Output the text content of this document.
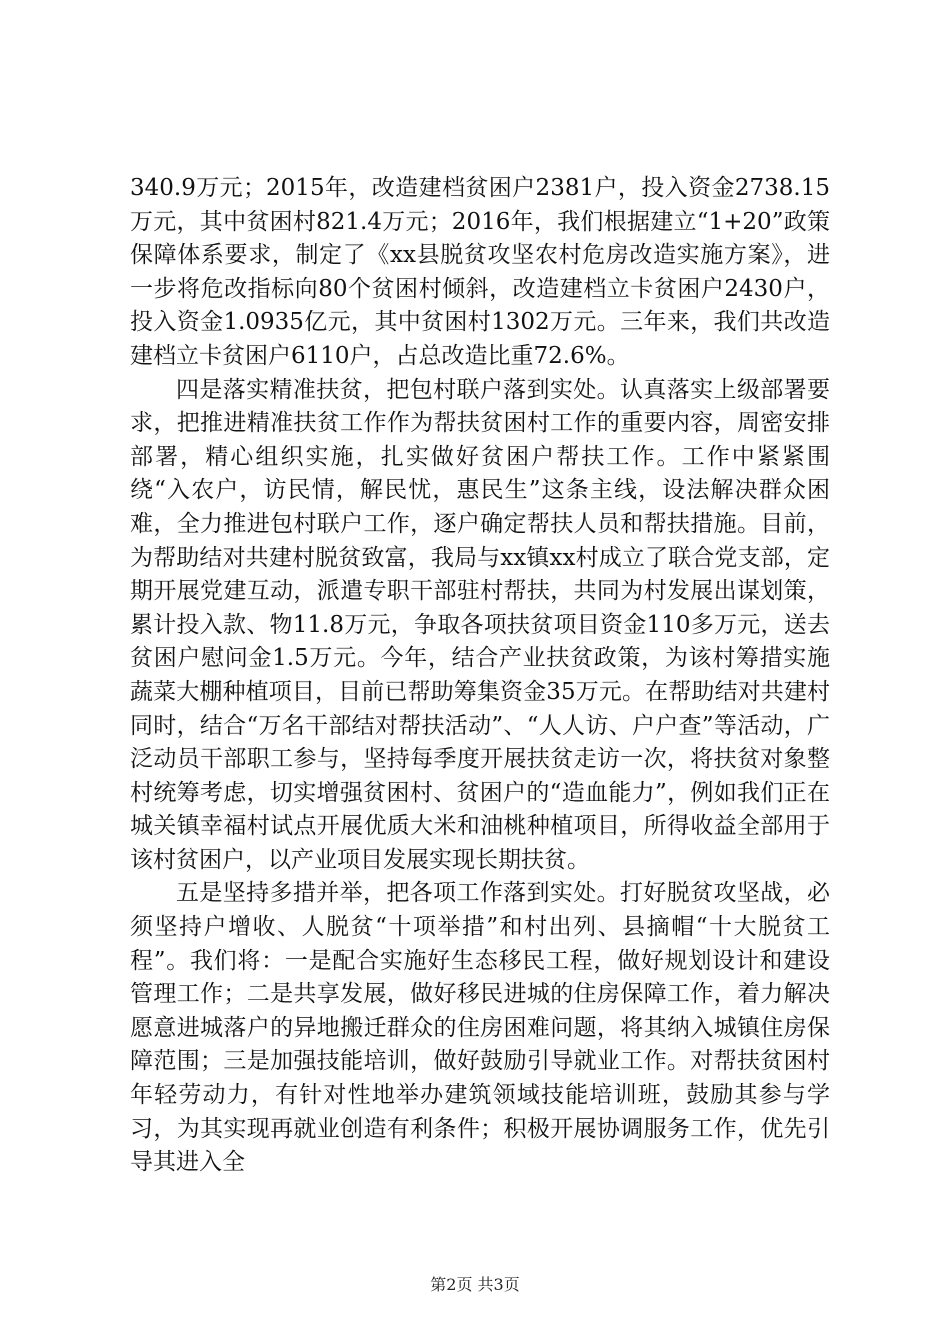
340.9万元；2015年，改造建档贫困户2381户，投入资金2738.15万元，其中贫困村821.4万元；2016年，我们根据建立“1+20”政策保障体系要求，制定了《xx县脱贫攻坚农村危房改造实施方案》，进一步将危改指标向80个贫困村倾斜，改造建档立卡贫困户2430户，投入资金1.0935亿元，其中贫困村1302万元。三年来，我们共改造建档立卡贫困户6110户，占总改造比重72.6%。

四是落实精准扶贫，把包村联户落到实处。认真落实上级部署要求，把推进精准扶贫工作作为帮扶贫困村工作的重要内容，周密安排部署，精心组织实施，扎实做好贫困户帮扶工作。工作中紧紧围绕“入农户，访民情，解民忧，惠民生”这条主线，设法解决群众困难，全力推进包村联户工作，逐户确定帮扶人员和帮扶措施。目前，为帮助结对共建村脱贫致富，我局与xx镇xx村成立了联合党支部，定期开展党建互动，派遣专职干部驻村帮扶，共同为村发展出谋划策，累计投入款、物11.8万元，争取各项扶贫项目资金110多万元，送去贫困户慰问金1.5万元。今年，结合产业扶贫政策，为该村筹措实施蔬菜大棚种植项目，目前已帮助筹集资金35万元。在帮助结对共建村同时，结合“万名干部结对帮扶活动”、“人人访、户户查”等活动，广泛动员干部职工参与，坚持每季度开展扶贫走访一次，将扶贫对象整村统筹考虑，切实增强贫困村、贫困户的“造血能力”，例如我们正在城关镇幸福村试点开展优质大米和油桃种植项目，所得收益全部用于该村贫困户，以产业项目发展实现长期扶贫。

五是坚持多措并举，把各项工作落到实处。打好脱贫攻坚战，必须坚持户增收、人脱贫“十项举措”和村出列、县摘帽“十大脱贫工程”。我们将：一是配合实施好生态移民工程，做好规划设计和建设管理工作；二是共享发展，做好移民进城的住房保障工作，着力解决愿意进城落户的异地搬迁群众的住房困难问题，将其纳入城镇住房保障范围；三是加强技能培训，做好鼓励引导就业工作。对帮扶贫困村年轻劳动力，有针对性地举办建筑领域技能培训班，鼓励其参与学习，为其实现再就业创造有利条件；积极开展协调服务工作，优先引导其进入全

第2页 共3页
